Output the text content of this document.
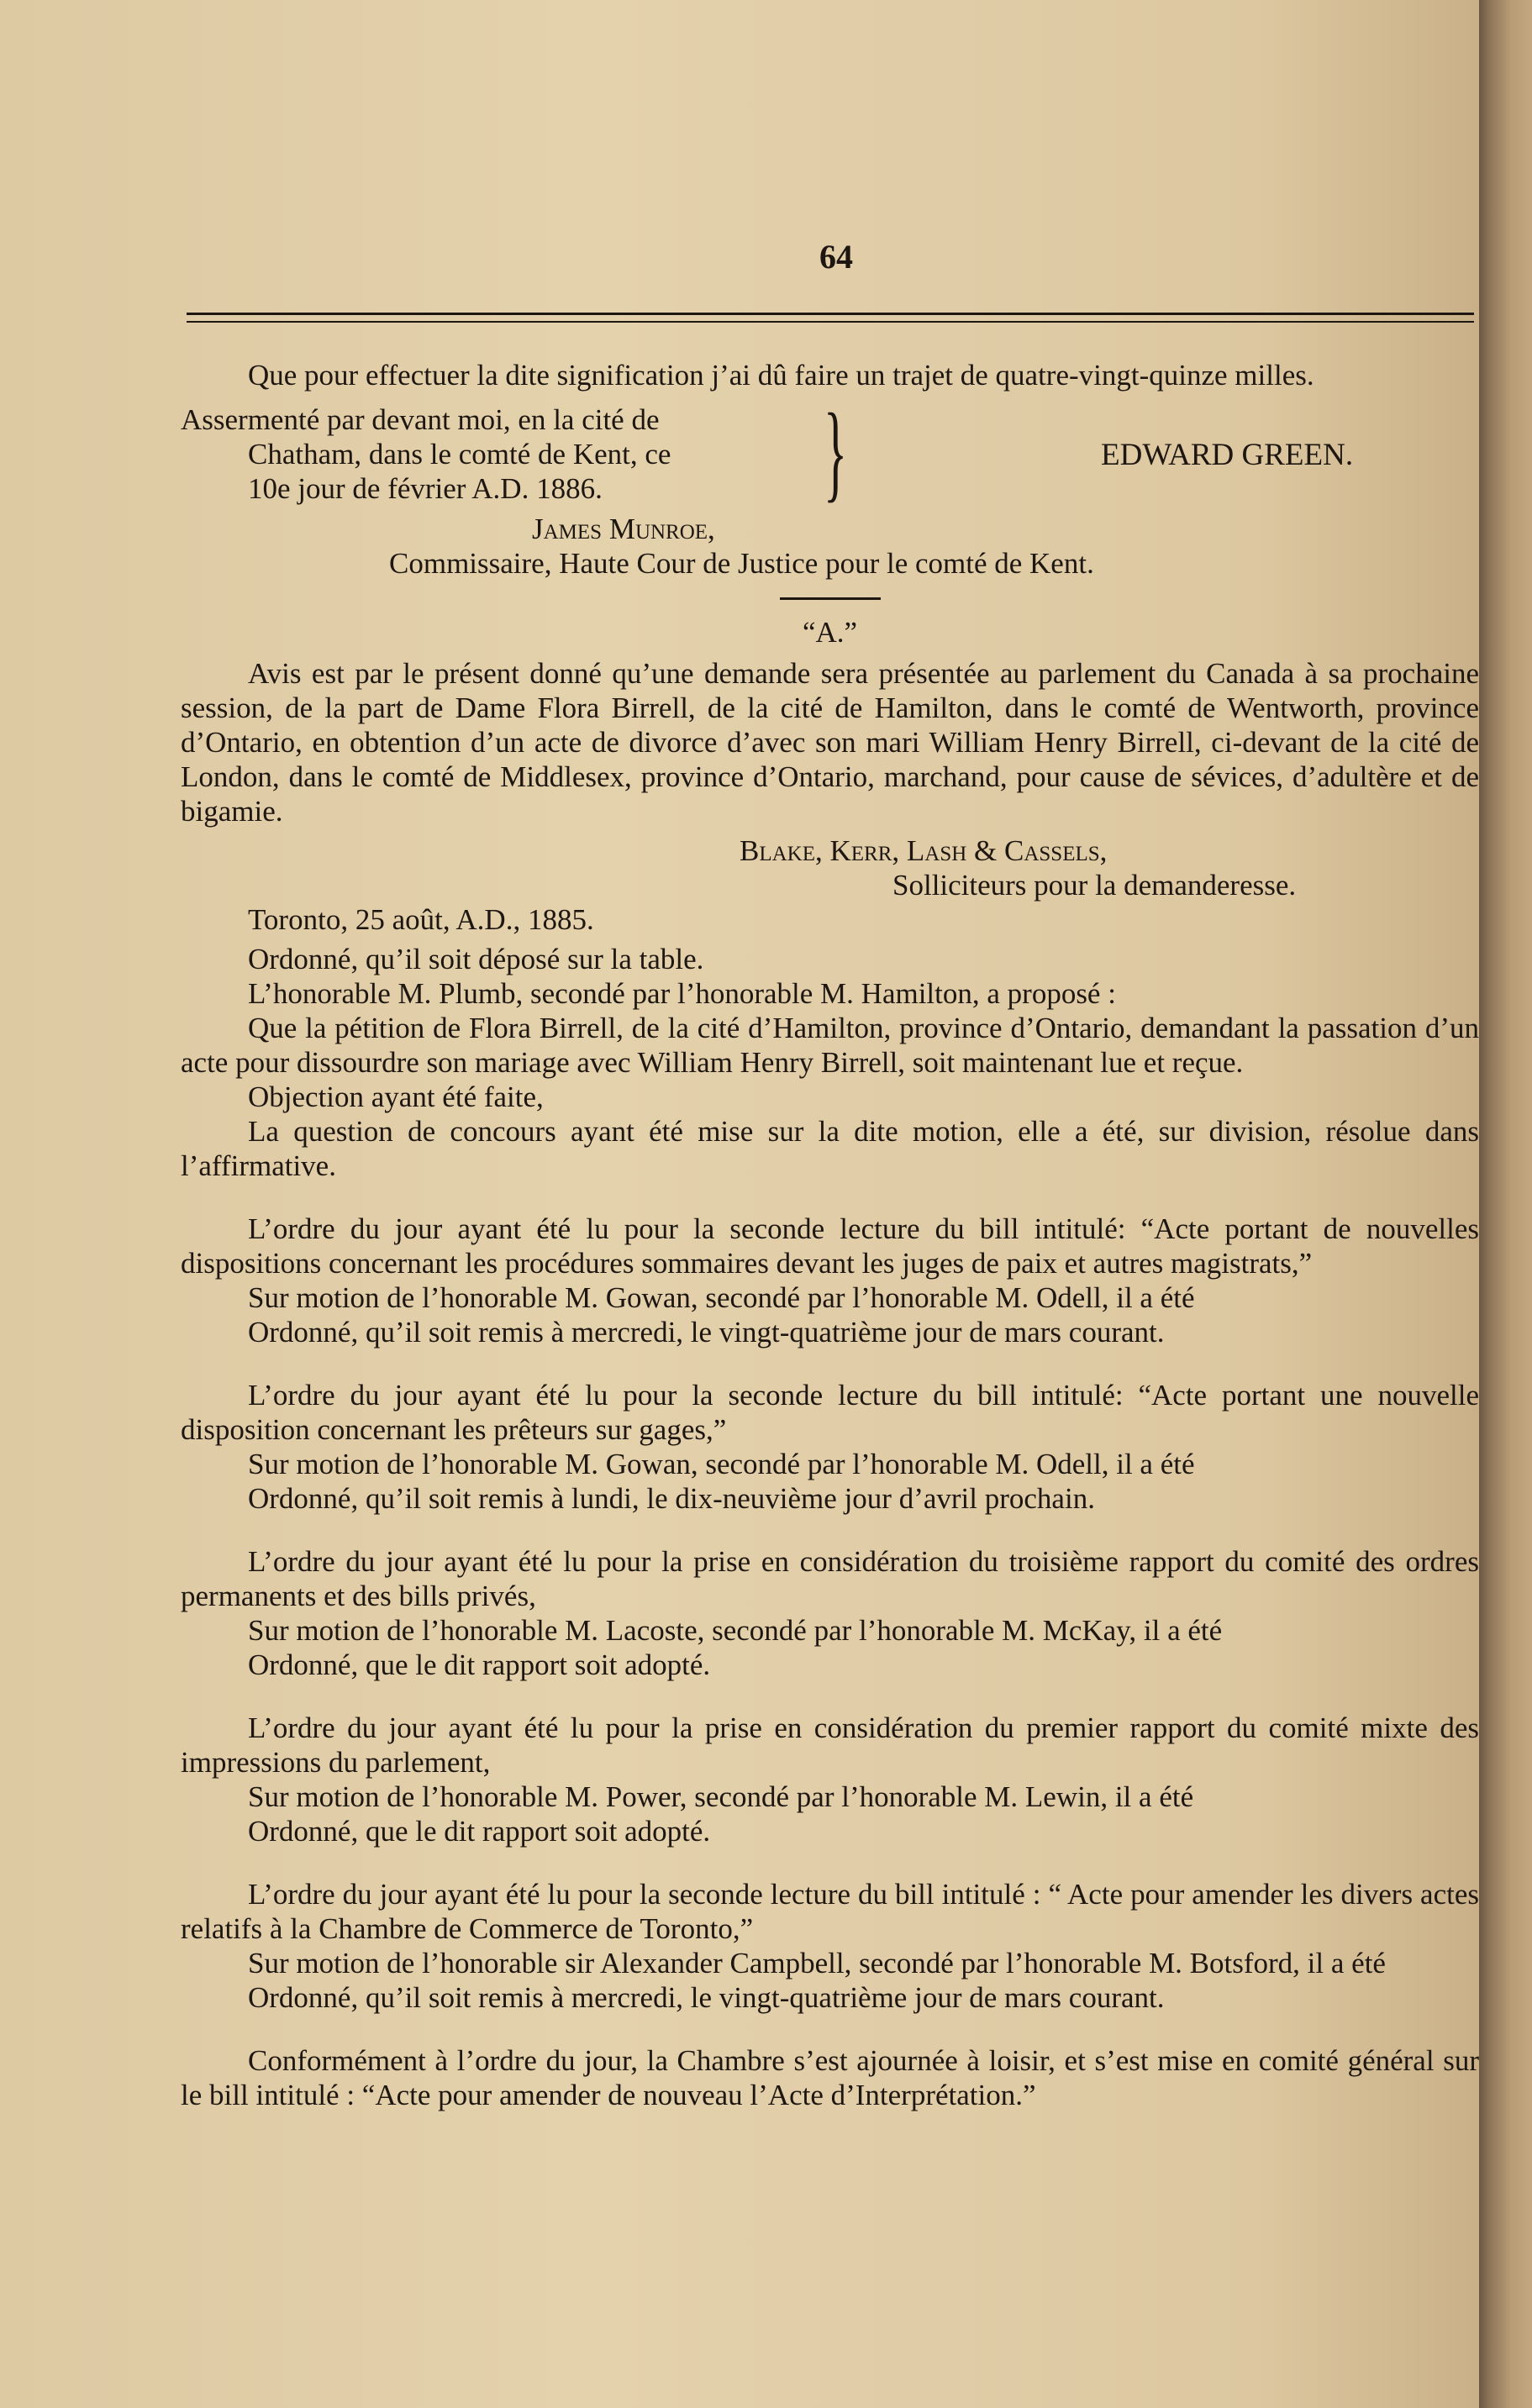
64

Que pour effectuer la dite signification j’ai dû faire un trajet de quatre-vingt-quinze milles.

Assermenté par devant moi, en la cité de
Chatham, dans le comté de Kent, ce
10e jour de février A.D. 1886.	}	EDWARD GREEN.
James Munroe,
Commissaire, Haute Cour de Justice pour le comté de Kent.
“A.”

Avis est par le présent donné qu’une demande sera présentée au parlement du Canada à sa prochaine session, de la part de Dame Flora Birrell, de la cité de Hamilton, dans le comté de Wentworth, province d’Ontario, en obtention d’un acte de divorce d’avec son mari William Henry Birrell, ci-devant de la cité de London, dans le comté de Middlesex, province d’Ontario, marchand, pour cause de sévices, d’adultère et de bigamie.

Blake, Kerr, Lash & Cassels,
Solliciteurs pour la demanderesse.
Toronto, 25 août, A.D., 1885.

Ordonné, qu’il soit déposé sur la table.

L’honorable M. Plumb, secondé par l’honorable M. Hamilton, a proposé :

Que la pétition de Flora Birrell, de la cité d’Hamilton, province d’Ontario, demandant la passation d’un acte pour dissourdre son mariage avec William Henry Birrell, soit maintenant lue et reçue.

Objection ayant été faite,

La question de concours ayant été mise sur la dite motion, elle a été, sur division, résolue dans l’affirmative.

L’ordre du jour ayant été lu pour la seconde lecture du bill intitulé: “Acte portant de nouvelles dispositions concernant les procédures sommaires devant les juges de paix et autres magistrats,”

Sur motion de l’honorable M. Gowan, secondé par l’honorable M. Odell, il a été

Ordonné, qu’il soit remis à mercredi, le vingt-quatrième jour de mars courant.

L’ordre du jour ayant été lu pour la seconde lecture du bill intitulé: “Acte portant une nouvelle disposition concernant les prêteurs sur gages,”

Sur motion de l’honorable M. Gowan, secondé par l’honorable M. Odell, il a été

Ordonné, qu’il soit remis à lundi, le dix-neuvième jour d’avril prochain.

L’ordre du jour ayant été lu pour la prise en considération du troisième rapport du comité des ordres permanents et des bills privés,

Sur motion de l’honorable M. Lacoste, secondé par l’honorable M. McKay, il a été

Ordonné, que le dit rapport soit adopté.

L’ordre du jour ayant été lu pour la prise en considération du premier rapport du comité mixte des impressions du parlement,

Sur motion de l’honorable M. Power, secondé par l’honorable M. Lewin, il a été

Ordonné, que le dit rapport soit adopté.

L’ordre du jour ayant été lu pour la seconde lecture du bill intitulé : “ Acte pour amender les divers actes relatifs à la Chambre de Commerce de Toronto,”

Sur motion de l’honorable sir Alexander Campbell, secondé par l’honorable M. Botsford, il a été

Ordonné, qu’il soit remis à mercredi, le vingt-quatrième jour de mars courant.

Conformément à l’ordre du jour, la Chambre s’est ajournée à loisir, et s’est mise en comité général sur le bill intitulé : “Acte pour amender de nouveau l’Acte d’Interprétation.”
